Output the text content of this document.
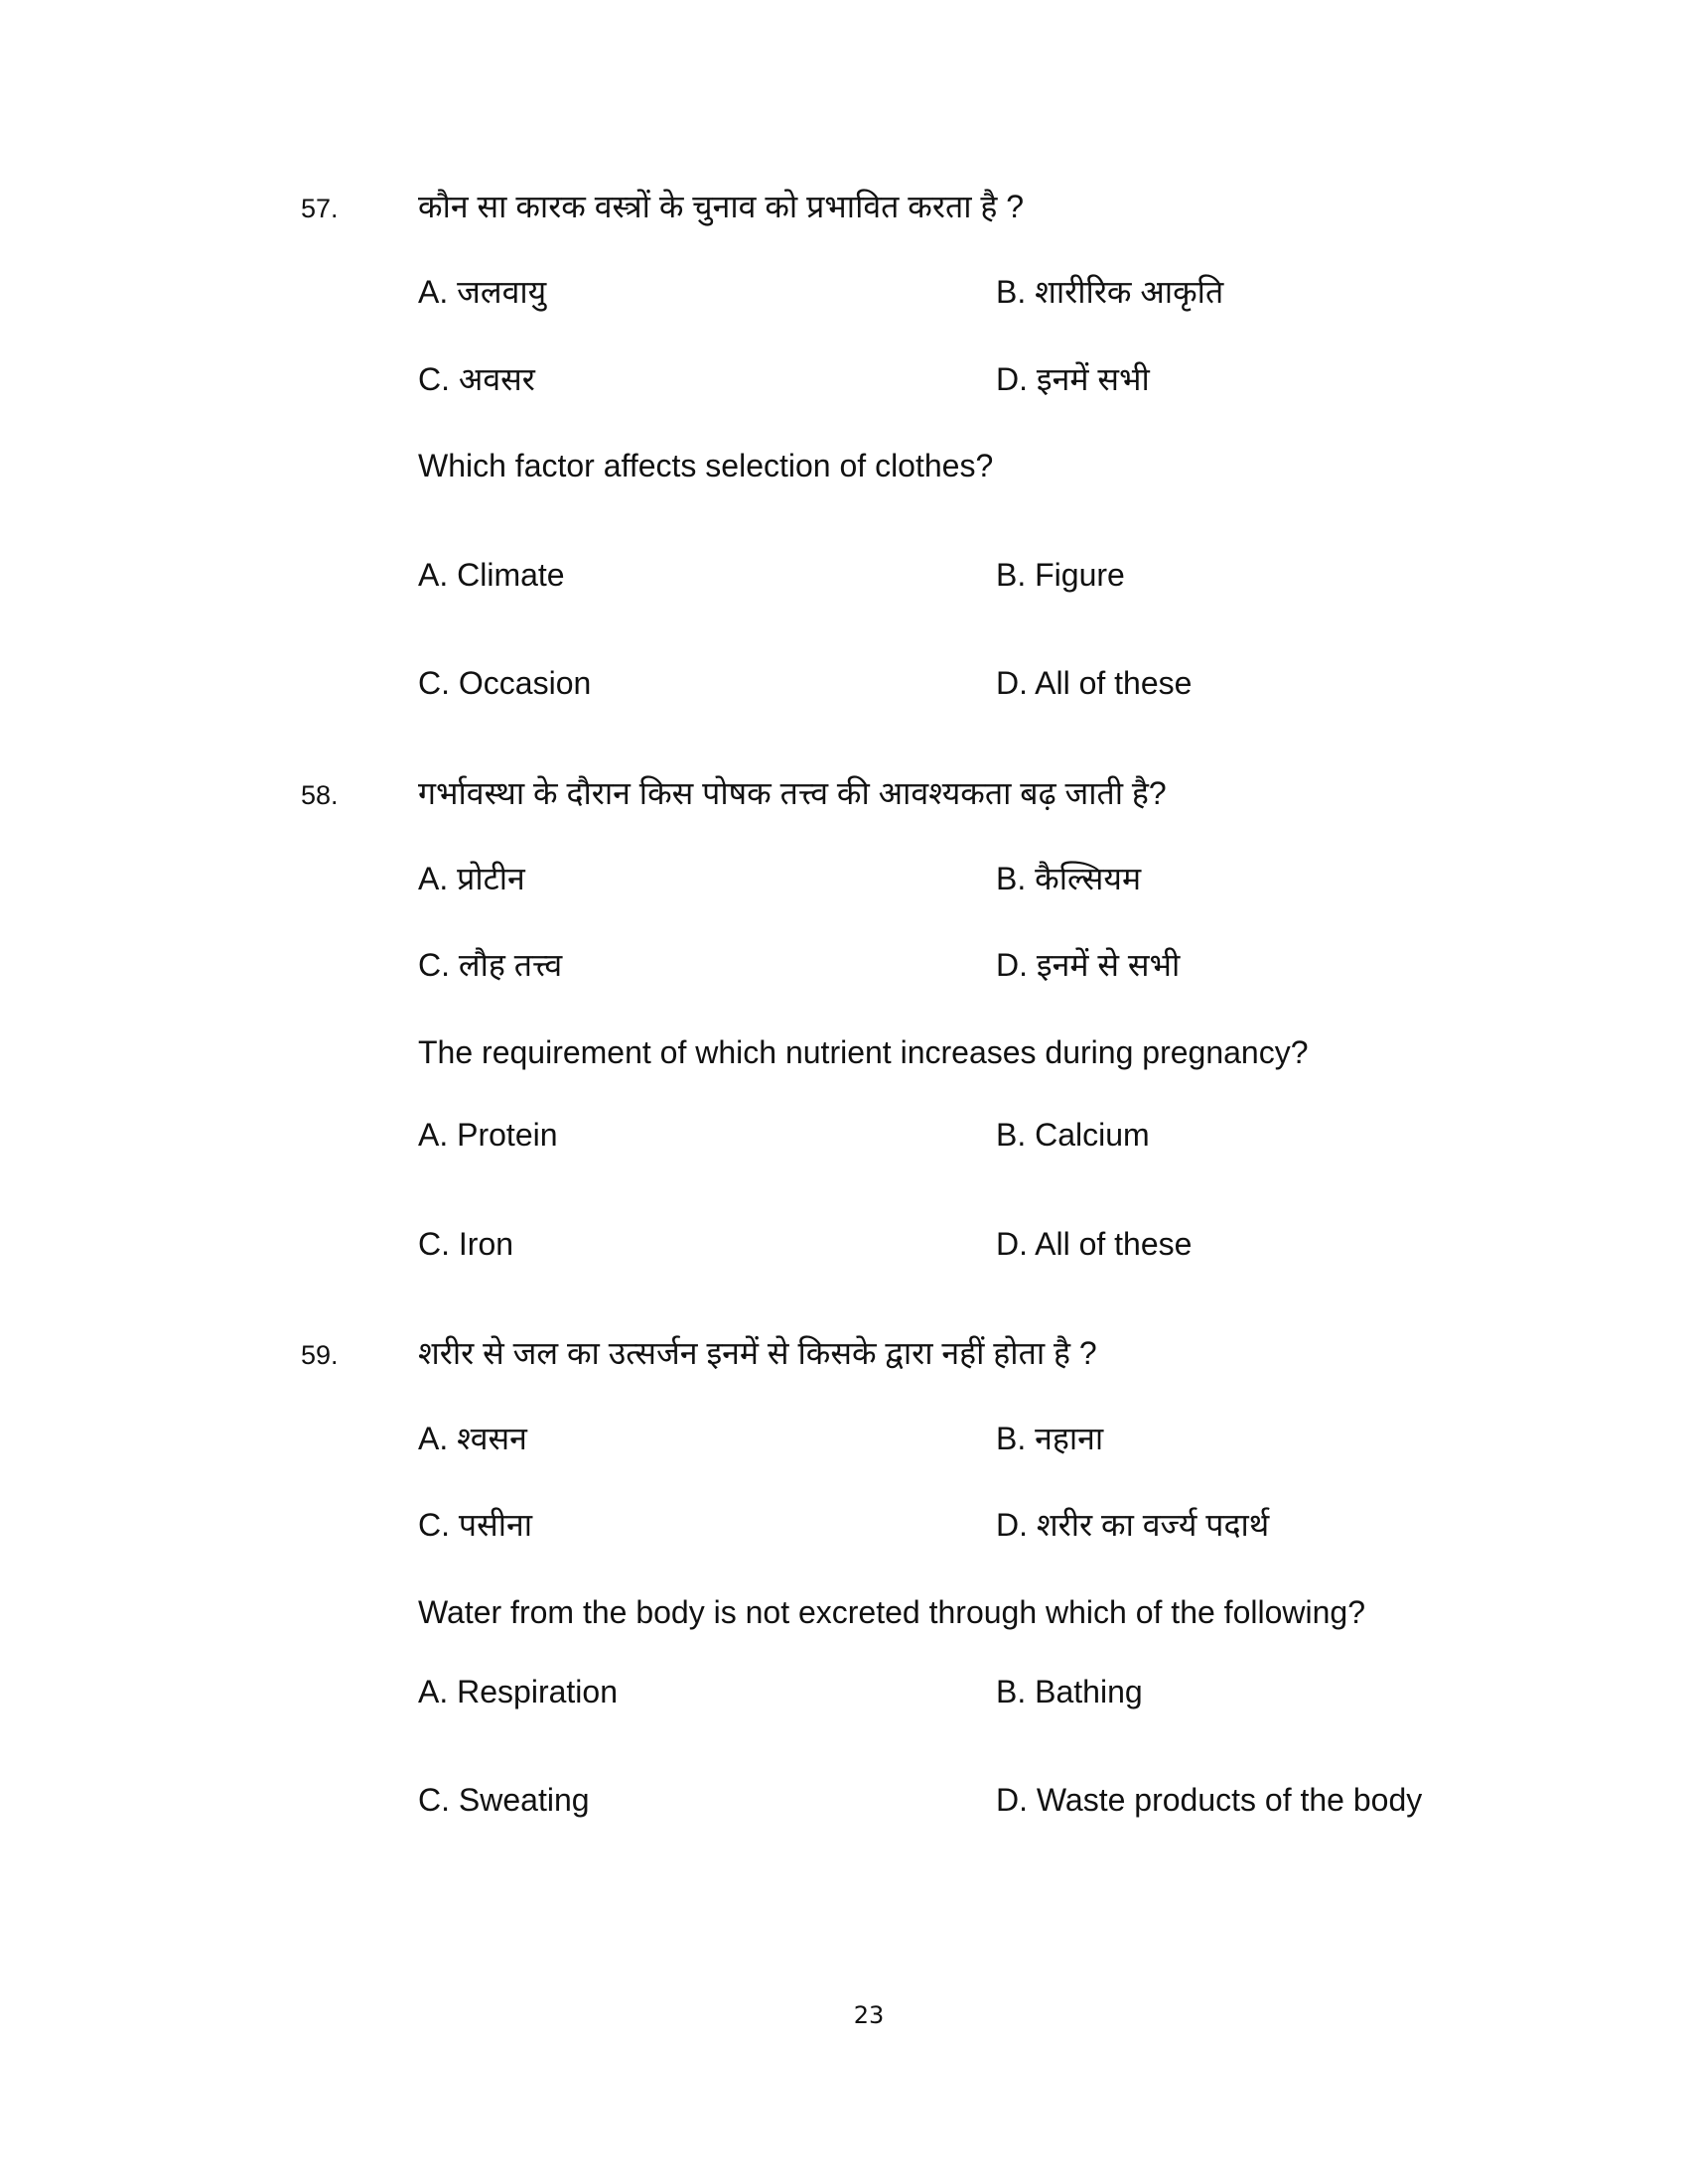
57.	कौन सा कारक वस्त्रों के चुनाव को प्रभावित करता है ?
A. जलवायु	B. शारीरिक आकृति
C. अवसर	D. इनमें सभी
Which factor affects selection of clothes?
A. Climate	B. Figure
C. Occasion	D. All of these
58.	गर्भावस्था के दौरान किस पोषक तत्त्व की आवश्यकता बढ़ जाती है?
A. प्रोटीन	B. कैल्सियम
C. लौह तत्त्व	D. इनमें से सभी
The requirement of which nutrient increases during pregnancy?
A. Protein	B. Calcium
C. Iron	D. All of these
59.	शरीर से जल का उत्सर्जन इनमें से किसके द्वारा नहीं होता है ?
A. श्वसन	B. नहाना
C. पसीना	D. शरीर का वर्ज्य पदार्थ
Water from the body is not excreted through which of the following?
A. Respiration	B. Bathing
C. Sweating	D. Waste products of the body
23
